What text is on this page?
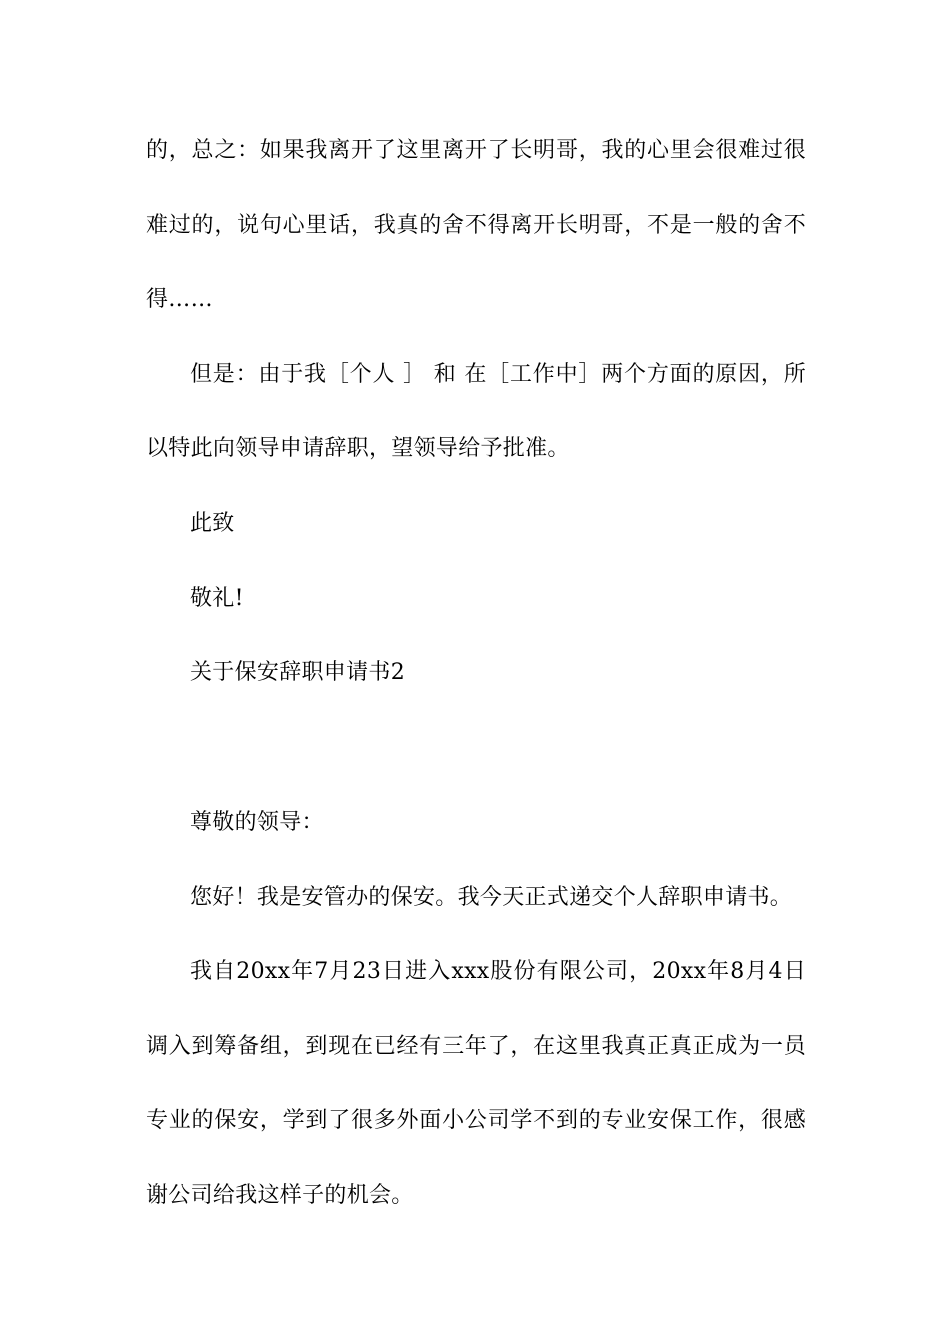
的，总之：如果我离开了这里离开了长明哥，我的心里会很难过很
难过的，说句心里话，我真的舍不得离开长明哥，不是一般的舍不
得……
但是：由于我［个人 ］ 和 在［工作中］两个方面的原因，所
以特此向领导申请辞职，望领导给予批准。
此致
敬礼!
关于保安辞职申请书2
尊敬的领导：
您好！我是安管办的保安。我今天正式递交个人辞职申请书。
我自20xx年7月23日进入xxx股份有限公司，20xx年8月4日
调入到筹备组，到现在已经有三年了，在这里我真正真正成为一员
专业的保安，学到了很多外面小公司学不到的专业安保工作，很感
谢公司给我这样子的机会。
